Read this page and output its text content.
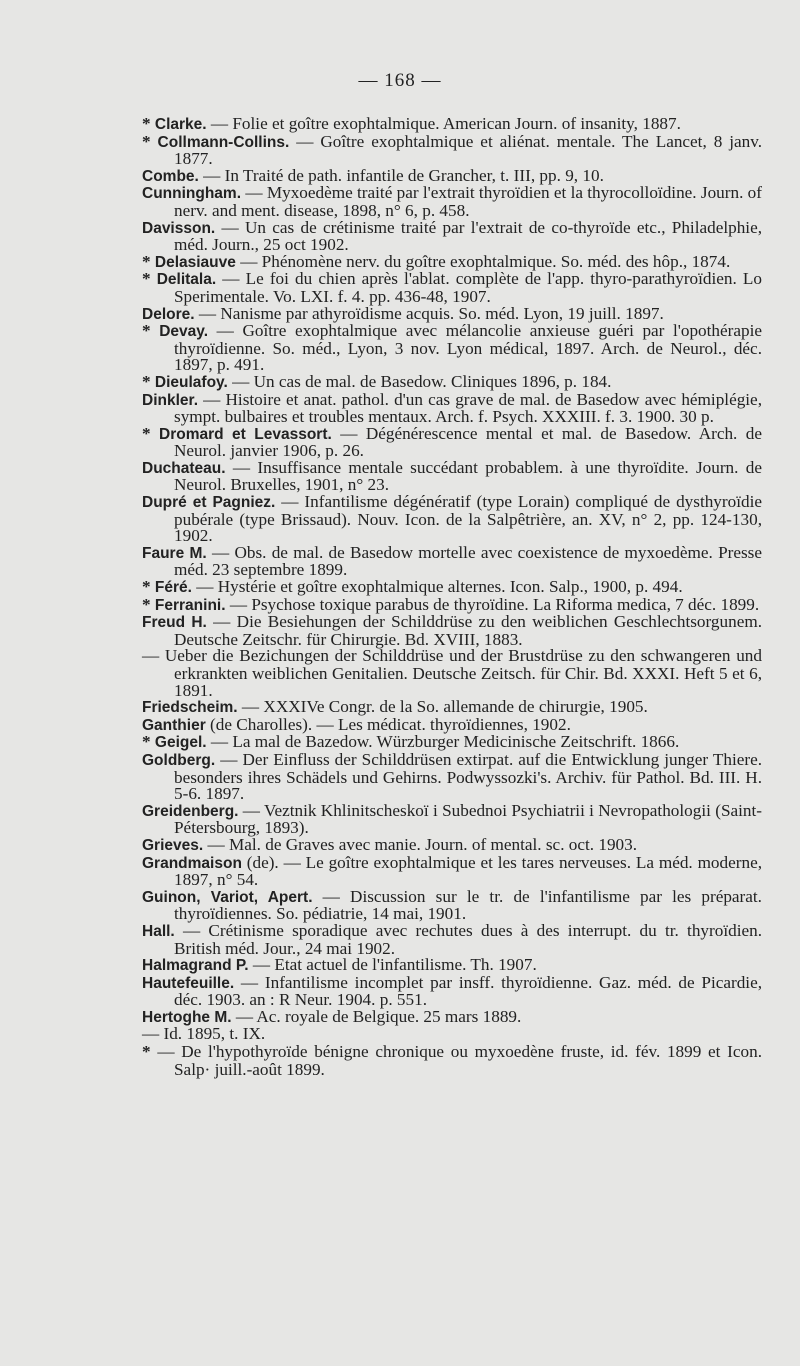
— 168 —
* Clarke. — Folie et goître exophtalmique. American Journ. of insanity, 1887.
* Collmann-Collins. — Goître exophtalmique et aliénat. mentale. The Lancet, 8 janv. 1877.
Combe. — In Traité de path. infantile de Grancher, t. III, pp. 9, 10.
Cunningham. — Myxoedème traité par l'extrait thyroïdien et la thyrocolloïdine. Journ. of nerv. and ment. disease, 1898, n° 6, p. 458.
Davisson. — Un cas de crétinisme traité par l'extrait de co-thyroïde etc., Philadelphie, méd. Journ., 25 oct 1902.
* Delasiauve — Phénomène nerv. du goître exophtalmique. So. méd. des hôp., 1874.
* Delitala. — Le foi du chien après l'ablat. complète de l'app. thyro-parathyroïdien. Lo Sperimentale. Vo. LXI. f. 4. pp. 436-48, 1907.
Delore. — Nanisme par athyroïdisme acquis. So. méd. Lyon, 19 juill. 1897.
* Devay. — Goître exophtalmique avec mélancolie anxieuse guéri par l'opothérapie thyroïdienne. So. méd., Lyon, 3 nov. Lyon médical, 1897. Arch. de Neurol., déc. 1897, p. 491.
* Dieulafoy. — Un cas de mal. de Basedow. Cliniques 1896, p. 184.
Dinkler. — Histoire et anat. pathol. d'un cas grave de mal. de Basedow avec hémiplégie, sympt. bulbaires et troubles mentaux. Arch. f. Psych. XXXIII. f. 3. 1900. 30 p.
* Dromard et Levassort. — Dégénérescence mental et mal. de Basedow. Arch. de Neurol. janvier 1906, p. 26.
Duchateau. — Insuffisance mentale succédant probablem. à une thyroïdite. Journ. de Neurol. Bruxelles, 1901, n° 23.
Dupré et Pagniez. — Infantilisme dégénératif (type Lorain) compliqué de dysthyroïdie pubérale (type Brissaud). Nouv. Icon. de la Salpêtrière, an. XV, n° 2, pp. 124-130, 1902.
Faure M. — Obs. de mal. de Basedow mortelle avec coexistence de myxoedème. Presse méd. 23 septembre 1899.
* Féré. — Hystérie et goître exophtalmique alternes. Icon. Salp., 1900, p. 494.
* Ferranini. — Psychose toxique parabus de thyroïdine. La Riforma medica, 7 déc. 1899.
Freud H. — Die Besiehungen der Schilddrüse zu den weiblichen Geschlechtsorgunem. Deutsche Zeitschr. für Chirurgie. Bd. XVIII, 1883.
— Ueber die Bezichungen der Schilddrüse und der Brustdrüse zu den schwangeren und erkrankten weiblichen Genitalien. Deutsche Zeitsch. für Chir. Bd. XXXI. Heft 5 et 6, 1891.
Friedscheim. — XXXIVe Congr. de la So. allemande de chirurgie, 1905.
Ganthier (de Charolles). — Les médicat. thyroïdiennes, 1902.
* Geigel. — La mal de Bazedow. Würzburger Medicinische Zeitschrift. 1866.
Goldberg. — Der Einfluss der Schilddrüsen extirpat. auf die Entwicklung junger Thiere. besonders ihres Schädels und Gehirns. Podwyssozki's. Archiv. für Pathol. Bd. III. H. 5-6. 1897.
Greidenberg. — Veztnik Khlinitscheskoï i Subednoi Psychiatrii i Nevropathologii (Saint-Pétersbourg, 1893).
Grieves. — Mal. de Graves avec manie. Journ. of mental. sc. oct. 1903.
Grandmaison (de). — Le goître exophtalmique et les tares nerveuses. La méd. moderne, 1897, n° 54.
Guinon, Variot, Apert. — Discussion sur le tr. de l'infantilisme par les préparat. thyroïdiennes. So. pédiatrie, 14 mai, 1901.
Hall. — Crétinisme sporadique avec rechutes dues à des interrupt. du tr. thyroïdien. British méd. Jour., 24 mai 1902.
Halmagrand P. — Etat actuel de l'infantilisme. Th. 1907.
Hautefeuille. — Infantilisme incomplet par insff. thyroïdienne. Gaz. méd. de Picardie, déc. 1903. an : R Neur. 1904. p. 551.
Hertoghe M. — Ac. royale de Belgique. 25 mars 1889.
— Id. 1895, t. IX.
* — De l'hypothyroïde bénigne chronique ou myxoedène fruste, id. fév. 1899 et Icon. Salp· juill.-août 1899.
